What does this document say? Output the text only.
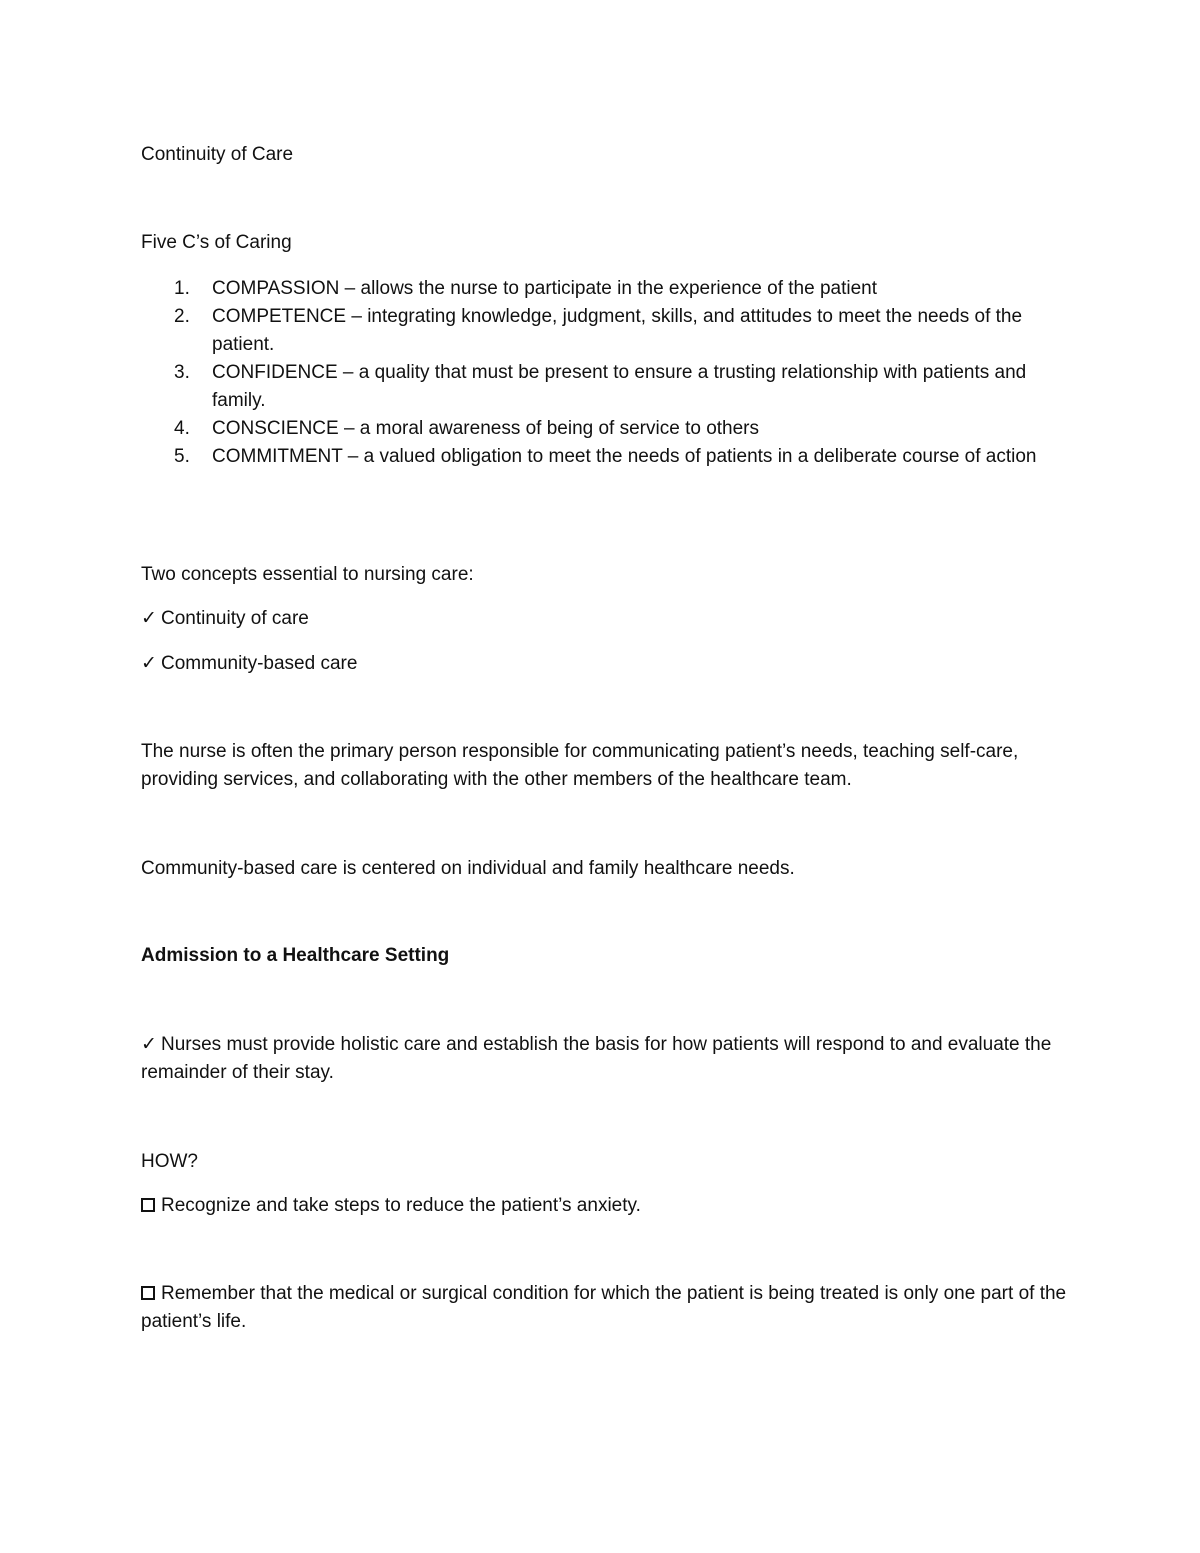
Continuity of Care

Five C’s of Caring

1. COMPASSION – allows the nurse to participate in the experience of the patient
2. COMPETENCE – integrating knowledge, judgment, skills, and attitudes to meet the needs of the patient.
3. CONFIDENCE – a quality that must be present to ensure a trusting relationship with patients and family.
4. CONSCIENCE – a moral awareness of being of service to others
5. COMMITMENT – a valued obligation to meet the needs of patients in a deliberate course of action

Two concepts essential to nursing care:

✓ Continuity of care

✓ Community-based care

The nurse is often the primary person responsible for communicating patient’s needs, teaching self-care, providing services, and collaborating with the other members of the healthcare team.

Community-based care is centered on individual and family healthcare needs.

Admission to a Healthcare Setting

✓ Nurses must provide holistic care and establish the basis for how patients will respond to and evaluate the remainder of their stay.

HOW?

Recognize and take steps to reduce the patient’s anxiety.

Remember that the medical or surgical condition for which the patient is being treated is only one part of the patient’s life.
